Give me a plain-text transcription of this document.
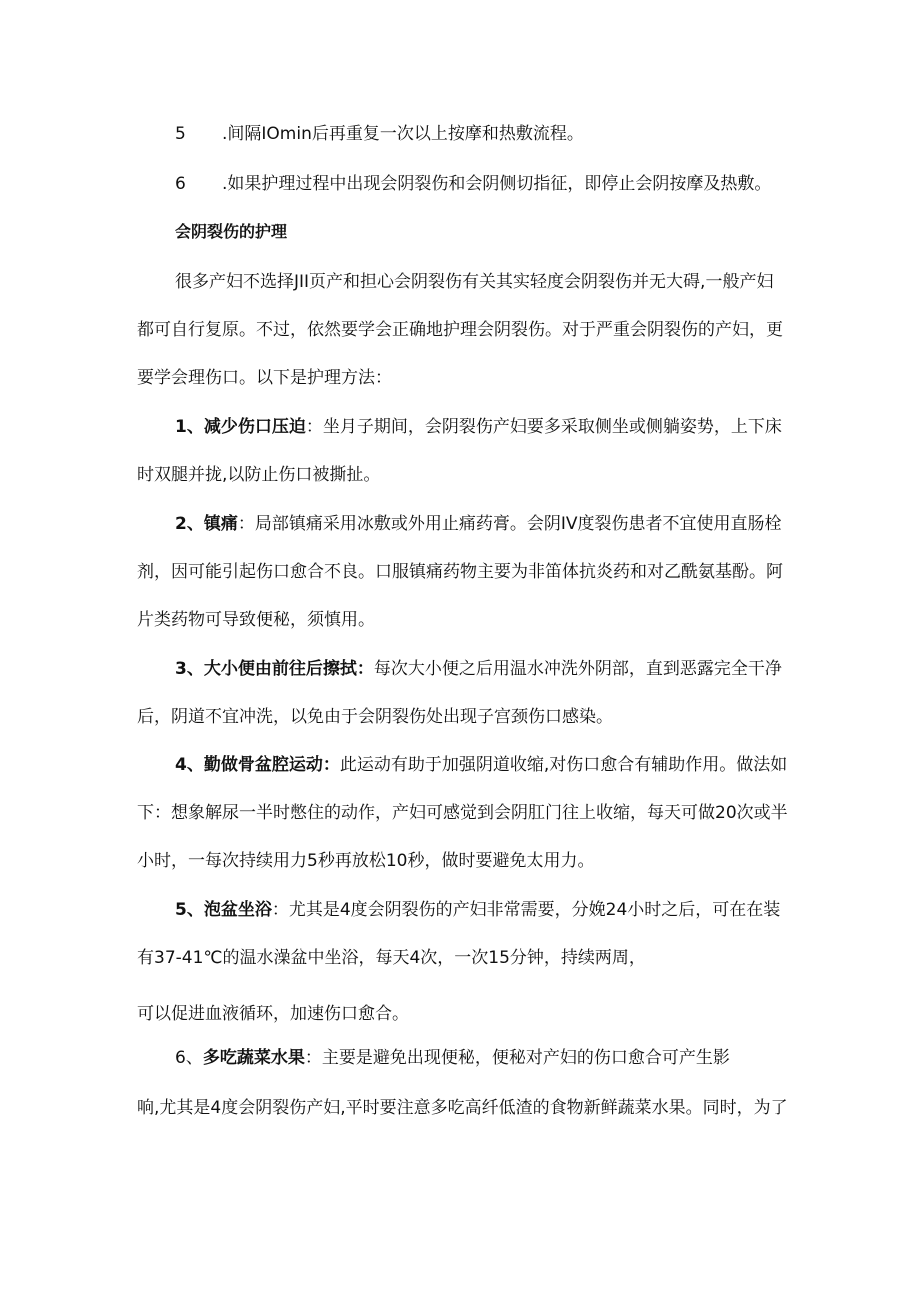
5 .间隔IOmin后再重复一次以上按摩和热敷流程。
6 .如果护理过程中出现会阴裂伤和会阴侧切指征，即停止会阴按摩及热敷。
会阴裂伤的护理
很多产妇不选择JII页产和担心会阴裂伤有关其实轻度会阴裂伤并无大碍,一般产妇
都可自行复原。不过，依然要学会正确地护理会阴裂伤。对于严重会阴裂伤的产妇，更
要学会理伤口。以下是护理方法：
1、减少伤口压迫：坐月子期间，会阴裂伤产妇要多采取侧坐或侧躺姿势，上下床
时双腿并拢,以防止伤口被撕扯。
2、镇痛：局部镇痛采用冰敷或外用止痛药膏。会阴IV度裂伤患者不宜使用直肠栓
剂，因可能引起伤口愈合不良。口服镇痛药物主要为非笛体抗炎药和对乙酰氨基酚。阿
片类药物可导致便秘，须慎用。
3、大小便由前往后擦拭：每次大小便之后用温水冲洗外阴部，直到恶露完全干净
后，阴道不宜冲洗，以免由于会阴裂伤处出现子宫颈伤口感染。
4、勤做骨盆腔运动：此运动有助于加强阴道收缩,对伤口愈合有辅助作用。做法如
下：想象解尿一半时憋住的动作，产妇可感觉到会阴肛门往上收缩，每天可做20次或半
小时，一每次持续用力5秒再放松10秒，做时要避免太用力。
5、泡盆坐浴：尤其是4度会阴裂伤的产妇非常需要，分娩24小时之后，可在在装
有37-41℃的温水澡盆中坐浴，每天4次，一次15分钟，持续两周，
可以促进血液循环，加速伤口愈合。
6、多吃蔬菜水果：主要是避免出现便秘，便秘对产妇的伤口愈合可产生影
响,尤其是4度会阴裂伤产妇,平时要注意多吃高纤低渣的食物新鲜蔬菜水果。同时，为了
